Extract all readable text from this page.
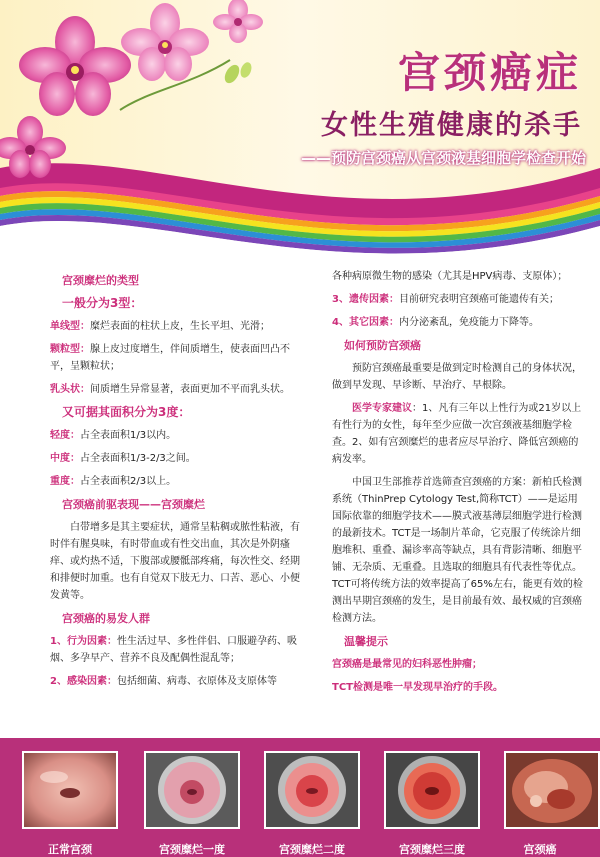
宫颈癌症
女性生殖健康的杀手
——预防宫颈癌从宫颈液基细胞学检查开始
宫颈糜烂的类型
一般分为3型：

单线型：糜烂表面的柱状上皮，生长平坦、光滑；

颗粒型：腺上皮过度增生，伴间质增生，使表面凹凸不平，呈颗粒状；

乳头状：间质增生异常显著，表面更加不平而乳头状。

又可据其面积分为3度：

轻度：占全表面积1/3以内。

中度：占全表面积1/3-2/3之间。

重度：占全表面积2/3以上。

宫颈癌前驱表现——宫颈糜烂

白带增多是其主要症状，通常呈粘稠或脓性粘液，有时伴有腥臭味，有时带血或有性交出血，其次是外阴瘙痒、或灼热不适，下腹部或腰骶部疼痛，每次性交、经期和排便时加重。也有自觉双下肢无力、口苦、恶心、小便发黄等。

宫颈癌的易发人群

1、行为因素：性生活过早、多性伴侣、口服避孕药、吸烟、多孕早产、营养不良及配偶性混乱等；

2、感染因素：包括细菌、病毒、衣原体及支原体等

各种病原微生物的感染（尤其是HPV病毒、支原体）；

3、遗传因素：目前研究表明宫颈癌可能遗传有关；

4、其它因素：内分泌紊乱，免疫能力下降等。

如何预防宫颈癌

预防宫颈癌最重要是做到定时检测自己的身体状况，做到早发现、早诊断、早治疗、早根除。

医学专家建议：1、凡有三年以上性行为或21岁以上有性行为的女性，每年至少应做一次宫颈液基细胞学检查。2、如有宫颈糜烂的患者应尽早治疗、降低宫颈癌的病发率。

中国卫生部推荐首选筛查宫颈癌的方案：新柏氏检测系统（ThinPrep Cytology Test,简称TCT）——是运用国际依靠的细胞学技术——膜式液基薄层细胞学进行检测的最新技术。TCT是一场制片革命，它克服了传统涂片细胞堆积、重叠、漏诊率高等缺点，具有背影清晰、细胞平铺、无杂质、无重叠。且选取的细胞具有代表性等优点。TCT可将传统方法的效率提高了65%左右，能更有效的检测出早期宫颈癌的发生，是目前最有效、最权威的宫颈癌检测方法。

温馨提示
宫颈癌是最常见的妇科恶性肿瘤；
TCT检测是唯一早发现早治疗的手段。
正常宫颈	宫颈糜烂一度	宫颈糜烂二度	宫颈糜烂三度	宫颈癌
